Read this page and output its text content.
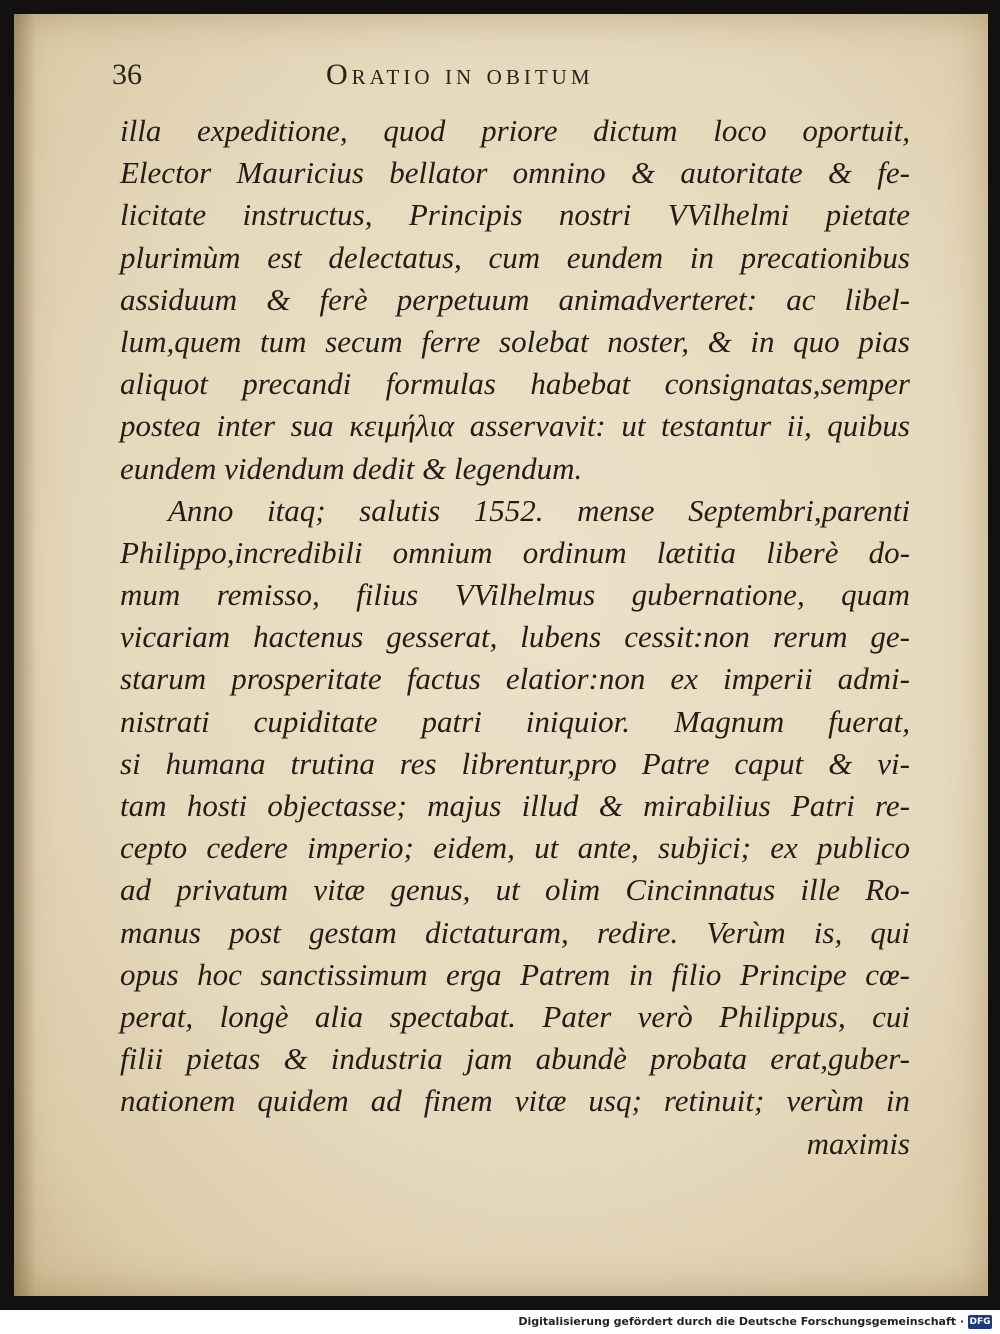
36	Oratio in obitum
illa expeditione, quod priore dictum loco oportuit,
Elector Mauricius bellator omnino & autoritate & fe-
licitate instructus, Principis nostri VVilhelmi pietate
plurimùm est delectatus, cum eundem in precationibus
assiduum & ferè perpetuum animadverteret: ac libel-
lum,quem tum secum ferre solebat noster, & in quo pias
aliquot precandi formulas habebat consignatas,semper
postea inter sua κειμήλια asservavit: ut testantur ii, quibus
eundem videndum dedit & legendum.
Anno itaq; salutis 1552. mense Septembri,parenti
Philippo,incredibili omnium ordinum lætitia liberè do-
mum remisso, filius VVilhelmus gubernatione, quam
vicariam hactenus gesserat, lubens cessit:non rerum ge-
starum prosperitate factus elatior:non ex imperii admi-
nistrati cupiditate patri iniquior. Magnum fuerat,
si humana trutina res librentur,pro Patre caput & vi-
tam hosti objectasse; majus illud & mirabilius Patri re-
cepto cedere imperio; eidem, ut ante, subjici; ex publico
ad privatum vitæ genus, ut olim Cincinnatus ille Ro-
manus post gestam dictaturam, redire. Verùm is, qui
opus hoc sanctissimum erga Patrem in filio Principe cœ-
perat, longè alia spectabat. Pater verò Philippus, cui
filii pietas & industria jam abundè probata erat,guber-
nationem quidem ad finem vitæ usq; retinuit; verùm in
maximis
Digitalisierung gefördert durch die Deutsche Forschungsgemeinschaft · DFG
